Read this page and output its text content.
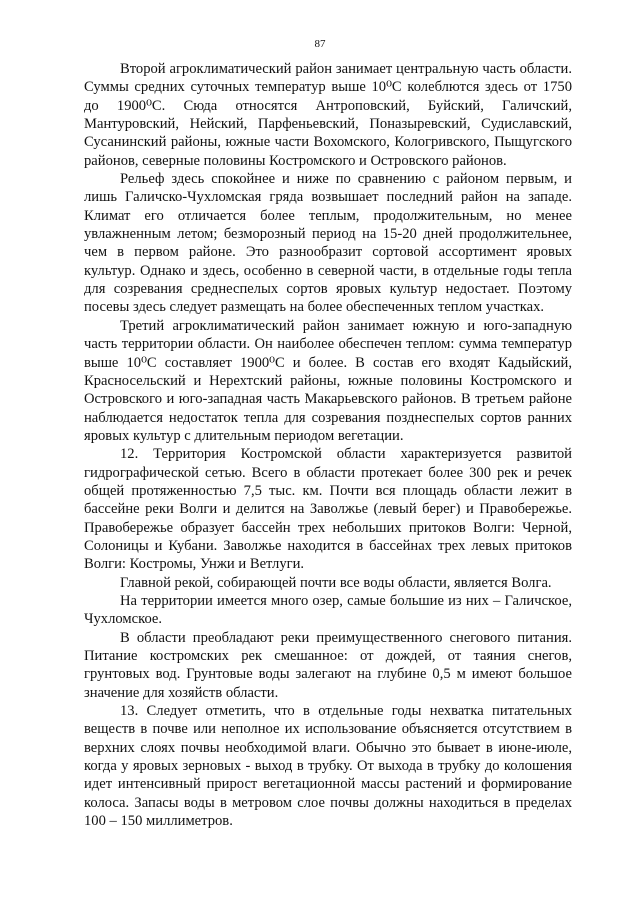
87

Второй агроклиматический район занимает центральную часть области. Суммы средних суточных температур выше 10⁰С колеблются здесь от 1750 до 1900⁰С. Сюда относятся Антроповский, Буйский, Галичский, Мантуровский, Нейский, Парфеньевский, Поназыревский, Судиславский, Сусанинский районы, южные части Вохомского, Кологривского, Пыщугского районов, северные половины Костромского и Островского районов.

Рельеф здесь спокойнее и ниже по сравнению с районом первым, и лишь Галичско-Чухломская гряда возвышает последний район на западе. Климат его отличается более теплым, продолжительным, но менее увлажненным летом; безморозный период на 15-20 дней продолжительнее, чем в первом районе. Это разнообразит сортовой ассортимент яровых культур. Однако и здесь, особенно в северной части, в отдельные годы тепла для созревания среднеспелых сортов яровых культур недостает. Поэтому посевы здесь следует размещать на более обеспеченных теплом участках.

Третий агроклиматический район занимает южную и юго-западную часть территории области. Он наиболее обеспечен теплом: сумма температур выше 10⁰С составляет 1900⁰С и более. В состав его входят Кадыйский, Красносельский и Нерехтский районы, южные половины Костромского и Островского и юго-западная часть Макарьевского районов. В третьем районе наблюдается недостаток тепла для созревания позднеспелых сортов ранних яровых культур с длительным периодом вегетации.

12. Территория Костромской области характеризуется развитой гидрографической сетью. Всего в области протекает более 300 рек и речек общей протяженностью 7,5 тыс. км. Почти вся площадь области лежит в бассейне реки Волги и делится на Заволжье (левый берег) и Правобережье. Правобережье образует бассейн трех небольших притоков Волги: Черной, Солоницы и Кубани. Заволжье находится в бассейнах трех левых притоков Волги: Костромы, Унжи и Ветлуги.

Главной рекой, собирающей почти все воды области, является Волга.

На территории имеется много озер, самые большие из них – Галичское, Чухломское.

В области преобладают реки преимущественного снегового питания. Питание костромских рек смешанное: от дождей, от таяния снегов, грунтовых вод. Грунтовые воды залегают на глубине 0,5 м имеют большое значение для хозяйств области.

13. Следует отметить, что в отдельные годы нехватка питательных веществ в почве или неполное их использование объясняется отсутствием в верхних слоях почвы необходимой влаги. Обычно это бывает в июне-июле, когда у яровых зерновых - выход в трубку. От выхода в трубку до колошения идет интенсивный прирост вегетационной массы растений и формирование колоса. Запасы воды в метровом слое почвы должны находиться в пределах 100 – 150 миллиметров.
